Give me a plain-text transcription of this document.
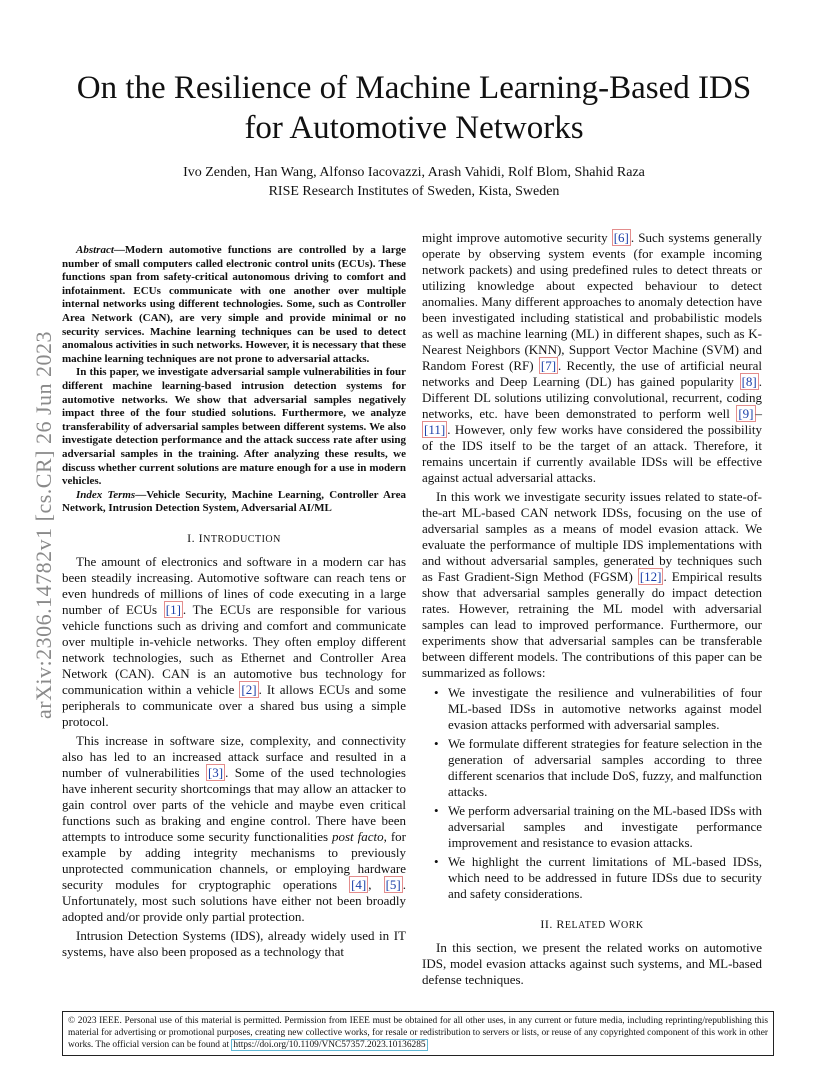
arXiv:2306.14782v1 [cs.CR] 26 Jun 2023
On the Resilience of Machine Learning-Based IDS for Automotive Networks
Ivo Zenden, Han Wang, Alfonso Iacovazzi, Arash Vahidi, Rolf Blom, Shahid Raza
RISE Research Institutes of Sweden, Kista, Sweden

Abstract—Modern automotive functions are controlled by a large number of small computers called electronic control units (ECUs). These functions span from safety-critical autonomous driving to comfort and infotainment. ECUs communicate with one another over multiple internal networks using different technologies. Some, such as Controller Area Network (CAN), are very simple and provide minimal or no security services. Machine learning techniques can be used to detect anomalous activities in such networks. However, it is necessary that these machine learning techniques are not prone to adversarial attacks.

In this paper, we investigate adversarial sample vulnerabilities in four different machine learning-based intrusion detection systems for automotive networks. We show that adversarial samples negatively impact three of the four studied solutions. Furthermore, we analyze transferability of adversarial samples between different systems. We also investigate detection performance and the attack success rate after using adversarial samples in the training. After analyzing these results, we discuss whether current solutions are mature enough for a use in modern vehicles.

Index Terms—Vehicle Security, Machine Learning, Controller Area Network, Intrusion Detection System, Adversarial AI/ML

I. INTRODUCTION

The amount of electronics and software in a modern car has been steadily increasing. Automotive software can reach tens or even hundreds of millions of lines of code executing in a large number of ECUs [1] . The ECUs are responsible for various vehicle functions such as driving and comfort and communicate over multiple in-vehicle networks. They often employ different network technologies, such as Ethernet and Controller Area Network (CAN). CAN is an automotive bus technology for communication within a vehicle [2] . It allows ECUs and some peripherals to communicate over a shared bus using a simple protocol.

This increase in software size, complexity, and connectivity also has led to an increased attack surface and resulted in a number of vulnerabilities [3] . Some of the used technologies have inherent security shortcomings that may allow an attacker to gain control over parts of the vehicle and maybe even critical functions such as braking and engine control. There have been attempts to introduce some security functionalities post facto, for example by adding integrity mechanisms to previously unprotected communication channels, or employing hardware security modules for cryptographic operations [4] , [5] . Unfortunately, most such solutions have either not been broadly adopted and/or provide only partial protection.

Intrusion Detection Systems (IDS), already widely used in IT systems, have also been proposed as a technology that

might improve automotive security [6] . Such systems generally operate by observing system events (for example incoming network packets) and using predefined rules to detect threats or utilizing knowledge about expected behaviour to detect anomalies. Many different approaches to anomaly detection have been investigated including statistical and probabilistic models as well as machine learning (ML) in different shapes, such as K-Nearest Neighbors (KNN), Support Vector Machine (SVM) and Random Forest (RF) [7] . Recently, the use of artificial neural networks and Deep Learning (DL) has gained popularity [8] . Different DL solutions utilizing convolutional, recurrent, coding networks, etc. have been demonstrated to perform well [9] –[11] . However, only few works have considered the possibility of the IDS itself to be the target of an attack. Therefore, it remains uncertain if currently available IDSs will be effective against actual adversarial attacks.

In this work we investigate security issues related to state-of-the-art ML-based CAN network IDSs, focusing on the use of adversarial samples as a means of model evasion attack. We evaluate the performance of multiple IDS implementations with and without adversarial samples, generated by techniques such as Fast Gradient-Sign Method (FGSM) [12] . Empirical results show that adversarial samples generally do impact detection rates. However, retraining the ML model with adversarial samples can lead to improved performance. Furthermore, our experiments show that adversarial samples can be transferable between different models. The contributions of this paper can be summarized as follows:

• We investigate the resilience and vulnerabilities of four ML-based IDSs in automotive networks against model evasion attacks performed with adversarial samples.
• We formulate different strategies for feature selection in the generation of adversarial samples according to three different scenarios that include DoS, fuzzy, and malfunction attacks.
• We perform adversarial training on the ML-based IDSs with adversarial samples and investigate performance improvement and resistance to evasion attacks.
• We highlight the current limitations of ML-based IDSs, which need to be addressed in future IDSs due to security and safety considerations.
II. RELATED WORK

In this section, we present the related works on automotive IDS, model evasion attacks against such systems, and ML-based defense techniques.

© 2023 IEEE. Personal use of this material is permitted. Permission from IEEE must be obtained for all other uses, in any current or future media, including reprinting/republishing this material for advertising or promotional purposes, creating new collective works, for resale or redistribution to servers or lists, or reuse of any copyrighted component of this work in other works. The official version can be found at https://doi.org/10.1109/VNC57357.2023.10136285
